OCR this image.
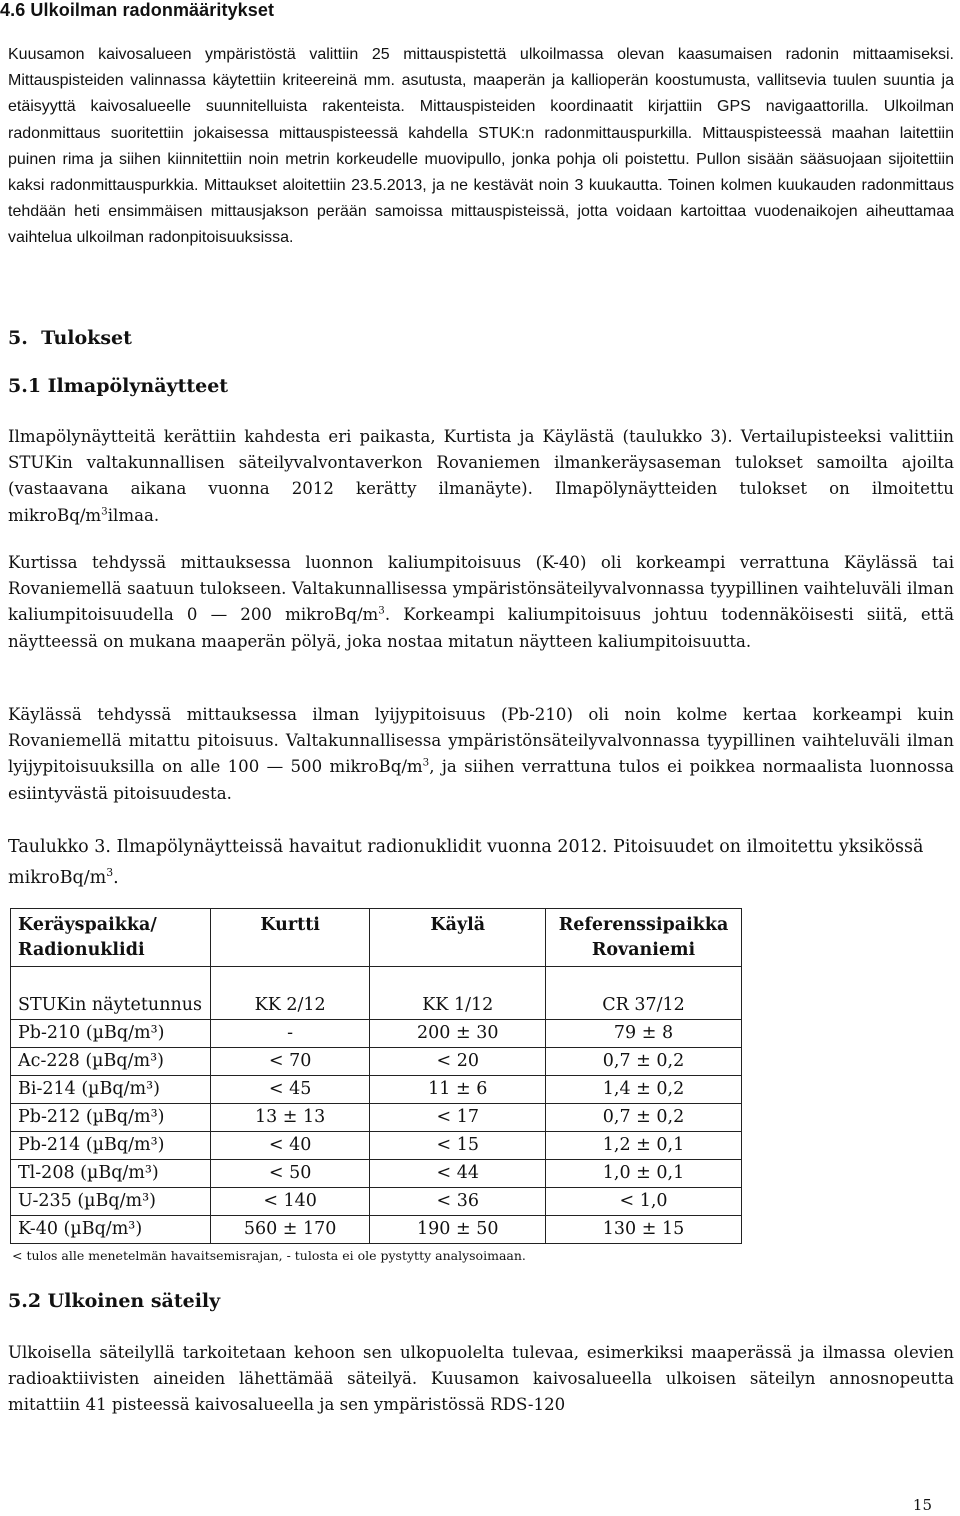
4.6 Ulkoilman radonmääritykset

Kuusamon kaivosalueen ympäristöstä valittiin 25 mittauspistettä ulkoilmassa olevan kaasumaisen radonin mittaamiseksi. Mittauspisteiden valinnassa käytettiin kriteereinä mm. asutusta, maaperän ja kallioperän koostumusta, vallitsevia tuulen suuntia ja etäisyyttä kaivosalueelle suunnitelluista rakenteista. Mittauspisteiden koordinaatit kirjattiin GPS navigaattorilla. Ulkoilman radonmittaus suoritettiin jokaisessa mittauspisteessä kahdella STUK:n radonmittauspurkilla. Mittauspisteessä maahan laitettiin puinen rima ja siihen kiinnitettiin noin metrin korkeudelle muovipullo, jonka pohja oli poistettu. Pullon sisään sääsuojaan sijoitettiin kaksi radonmittauspurkkia. Mittaukset aloitettiin 23.5.2013, ja ne kestävät noin 3 kuukautta. Toinen kolmen kuukauden radonmittaus tehdään heti ensimmäisen mittausjakson perään samoissa mittauspisteissä, jotta voidaan kartoittaa vuodenaikojen aiheuttamaa vaihtelua ulkoilman radonpitoisuuksissa.

5.  Tulokset
5.1 Ilmapölynäytteet

Ilmapölynäytteitä kerättiin kahdesta eri paikasta, Kurtista ja Käylästä (taulukko 3). Vertailupisteeksi valittiin STUKin valtakunnallisen säteilyvalvontaverkon Rovaniemen ilmankeräysaseman tulokset samoilta ajoilta (vastaavana aikana vuonna 2012 kerätty ilmanäyte). Ilmapölynäytteiden tulokset on ilmoitettu mikroBq/$m^3ilmaa$.

Kurtissa tehdyssä mittauksessa luonnon kaliumpitoisuus (K-40) oli korkeampi verrattuna Käylässä tai Rovaniemellä saatuun tulokseen. Valtakunnallisessa ympäristönsäteilyvalvonnassa tyypillinen vaihteluväli ilman kaliumpitoisuudella 0 — 200 mikroBq/$m^3$. Korkeampi kaliumpitoisuus johtuu todennäköisesti siitä, että näytteessä on mukana maaperän pölyä, joka nostaa mitatun näytteen kaliumpitoisuutta.

Käylässä tehdyssä mittauksessa ilman lyijypitoisuus (Pb-210) oli noin kolme kertaa korkeampi kuin Rovaniemellä mitattu pitoisuus. Valtakunnallisessa ympäristönsäteilyvalvonnassa tyypillinen vaihteluväli ilman lyijypitoisuuksilla on alle 100 — 500 mikroBq/$m^3$, ja siihen verrattuna tulos ei poikkea normaalista luonnossa esiintyvästä pitoisuudesta.

Taulukko 3. Ilmapölynäytteissä havaitut radionuklidit vuonna 2012. Pitoisuudet on ilmoitettu yksikössä mikroBq/$m^3$.

Keräyspaikka/ Radionuklidi	Kurtti	Käylä	Referenssipaikka Rovaniemi
STUKin näytetunnus	KK 2/12	KK 1/12	CR 37/12
Pb-210 (µBq/m³)	-	200 ± 30	79 ± 8
Ac-228 (µBq/m³)	< 70	< 20	0,7 ± 0,2
Bi-214 (µBq/m³)	< 45	11 ± 6	1,4 ± 0,2
Pb-212 (µBq/m³)	13 ± 13	< 17	0,7 ± 0,2
Pb-214 (µBq/m³)	< 40	< 15	1,2 ± 0,1
Tl-208 (µBq/m³)	< 50	< 44	1,0 ± 0,1
U-235 (µBq/m³)	< 140	< 36	< 1,0
K-40 (µBq/m³)	560 ± 170	190 ± 50	130 ± 15
< tulos alle menetelmän havaitsemisrajan, - tulosta ei ole pystytty analysoimaan.
5.2 Ulkoinen säteily

Ulkoisella säteilyllä tarkoitetaan kehoon sen ulkopuolelta tulevaa, esimerkiksi maaperässä ja ilmassa olevien radioaktiivisten aineiden lähettämää säteilyä. Kuusamon kaivosalueella ulkoisen säteilyn annosnopeutta mitattiin 41 pisteessä kaivosalueella ja sen ympäristössä RDS-120

15
